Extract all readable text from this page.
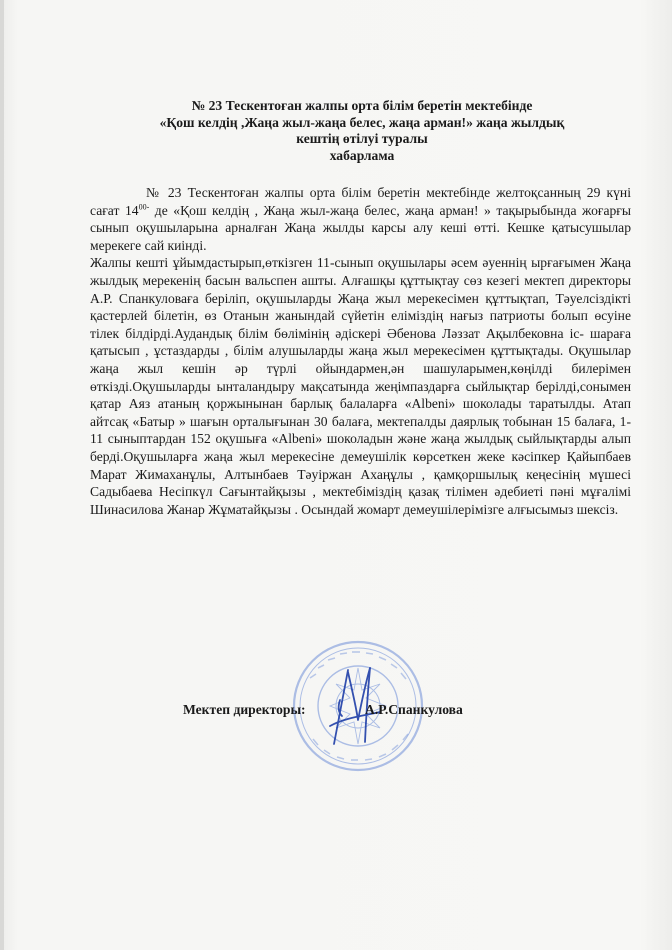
№ 23 Тескентоған жалпы орта білім беретін мектебінде
«Қош келдің ,Жаңа жыл-жаңа белес, жаңа арман!» жаңа жылдық
кештің өтілуі туралы
хабарлама

№ 23 Тескентоған жалпы орта білім беретін мектебінде желтоқсанның 29 күні сағат $14^{00-}$ де «Қош келдің , Жаңа жыл-жаңа белес, жаңа арман! » тақырыбында жоғарғы сынып оқушыларына арналған Жаңа жылды карсы алу кеші өтті. Кешке қатысушылар мерекеге сай киінді.

Жалпы кешті ұйымдастырып,өткізген 11-сынып оқушылары әсем әуеннің ырғағымен Жаңа жылдық мерекенің басын вальспен ашты. Алғашқы құттықтау сөз кезегі мектеп директоры А.Р. Спанкуловаға беріліп, оқушыларды Жаңа жыл мерекесімен құттықтап, Тәуелсіздікті қастерлей білетін, өз Отанын жанындай сүйетін еліміздің нағыз патриоты болып өсуіне тілек білдірді.Аудандық білім бөлімінің әдіскері Әбенова Ләззат Ақылбековна іс- шараға қатысып , ұстаздарды , білім алушыларды жаңа жыл мерекесімен құттықтады. Оқушылар жаңа жыл кешін әр түрлі ойындармен,ән шашуларымен,көңілді билерімен өткізді.Оқушыларды ынталандыру мақсатында жеңімпаздарға сыйлықтар берілді,сонымен қатар Аяз атаның қоржынынан барлық балаларға «Albeni» шоколады таратылды. Атап айтсақ «Батыр » шағын орталығынан 30 балаға, мектепалды даярлық тобынан 15 балаға, 1-11 сыныптардан 152 оқушыға «Albeni» шоколадын және жаңа жылдық сыйлықтарды алып берді.Оқушыларға жаңа жыл мерекесіне демеушілік көрсеткен жеке кәсіпкер Қайыпбаев Марат Жимаханұлы, Алтынбаев Тәуіржан Ахаңұлы , қамқоршылық кеңесінің мүшесі Садыбаева Несіпкүл Сағынтайқызы , мектебіміздің қазақ тілімен әдебиеті пәні мұғалімі Шинасилова Жанар Жұматайқызы . Осындай жомарт демеушілерімізге алғысымыз шексіз.

Мектеп директоры:	А.Р.Спанкулова
